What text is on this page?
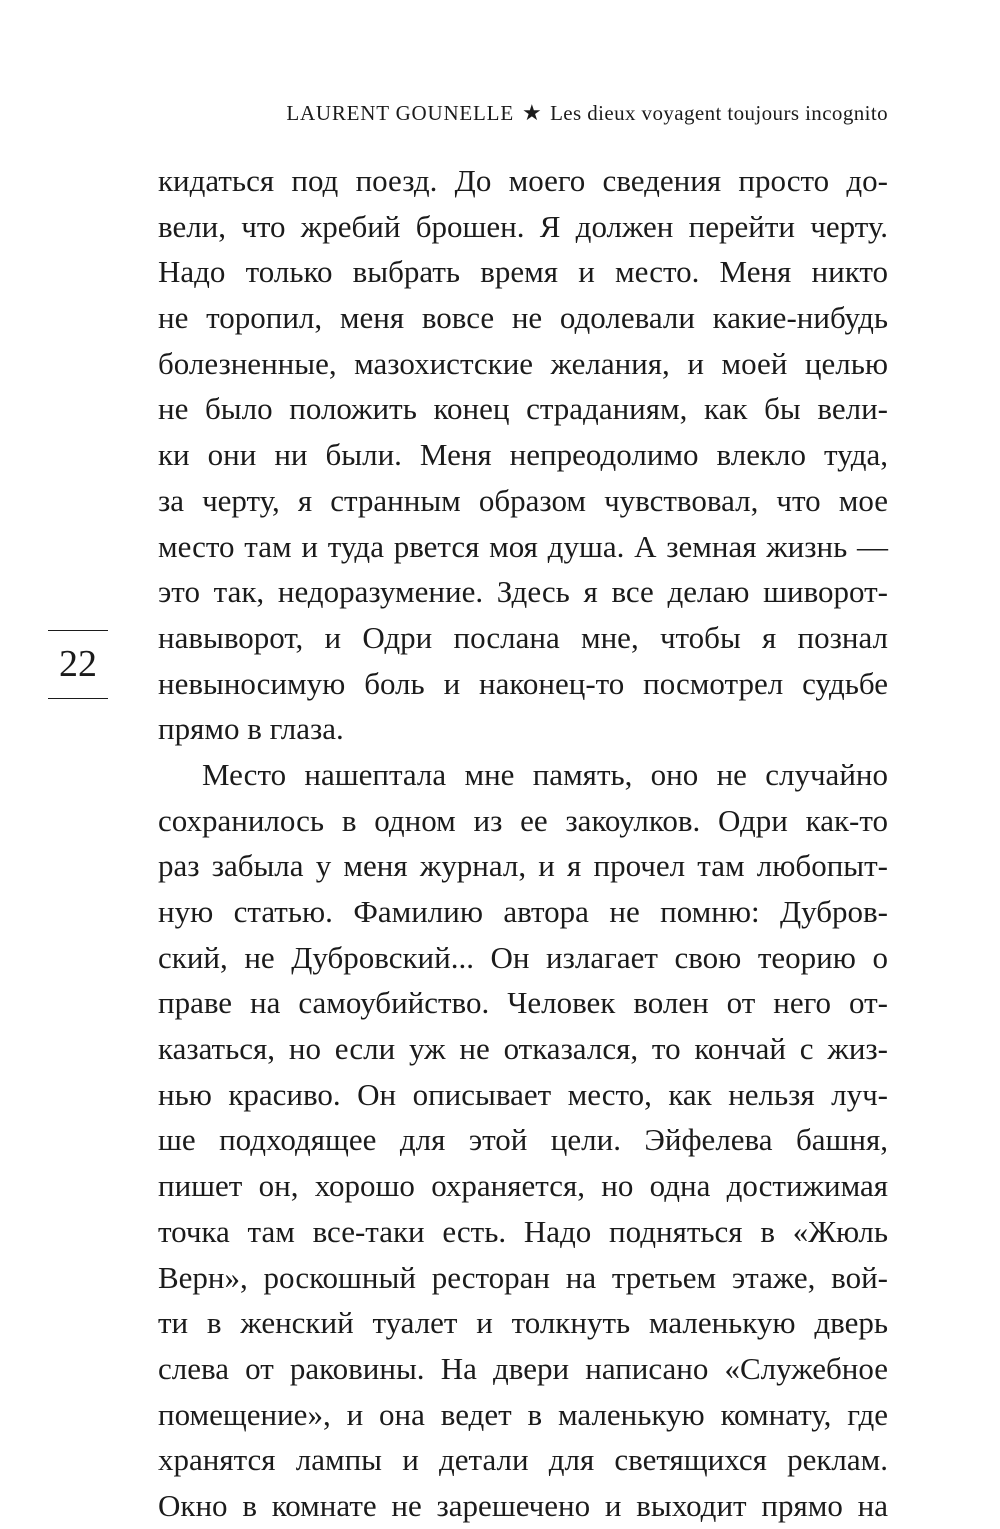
LAURENT GOUNELLE ★ Les dieux voyagent toujours incognito
22
кидаться под поезд. До моего сведения просто до-
вели, что жребий брошен. Я должен перейти черту.
Надо только выбрать время и место. Меня никто
не торопил, меня вовсе не одолевали какие-нибудь
болезненные, мазохистские желания, и моей целью
не было положить конец страданиям, как бы вели-
ки они ни были. Меня непреодолимо влекло туда,
за черту, я странным образом чувствовал, что мое
место там и туда рвется моя душа. А земная жизнь —
это так, недоразумение. Здесь я все делаю шиворот-
навыворот, и Одри послана мне, чтобы я познал
невыносимую боль и наконец-то посмотрел судьбе
прямо в глаза.
Место нашептала мне память, оно не случайно
сохранилось в одном из ее закоулков. Одри как-то
раз забыла у меня журнал, и я прочел там любопыт-
ную статью. Фамилию автора не помню: Дубров-
ский, не Дубровский... Он излагает свою теорию о
праве на самоубийство. Человек волен от него от-
казаться, но если уж не отказался, то кончай с жиз-
нью красиво. Он описывает место, как нельзя луч-
ше подходящее для этой цели. Эйфелева башня,
пишет он, хорошо охраняется, но одна достижимая
точка там все-таки есть. Надо подняться в «Жюль
Верн», роскошный ресторан на третьем этаже, вой-
ти в женский туалет и толкнуть маленькую дверь
слева от раковины. На двери написано «Служебное
помещение», и она ведет в маленькую комнату, где
хранятся лампы и детали для светящихся реклам.
Окно в комнате не зарешечено и выходит прямо на
